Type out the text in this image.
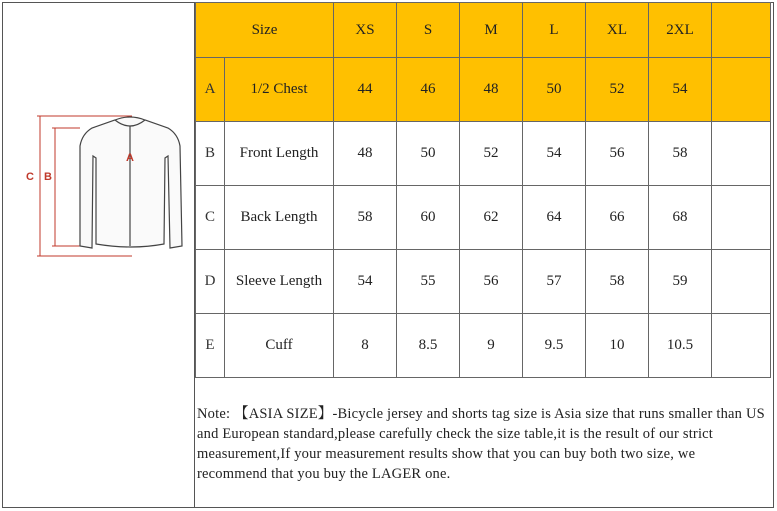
C B
A
Size		XS	S	M	L	XL	2XL	
A	1/2 Chest	44	46	48	50	52	54	
B	Front Length	48	50	52	54	56	58	
C	Back Length	58	60	62	64	66	68	
D	Sleeve Length	54	55	56	57	58	59	
E	Cuff	8	8.5	9	9.5	10	10.5	
Note: 【ASIA SIZE】-Bicycle jersey and shorts tag size is Asia size that runs smaller than US and European standard,please carefully check the size table,it is the result of our strict measurement,If your measurement results show that you can buy both two size, we recommend that you buy the LAGER one.
